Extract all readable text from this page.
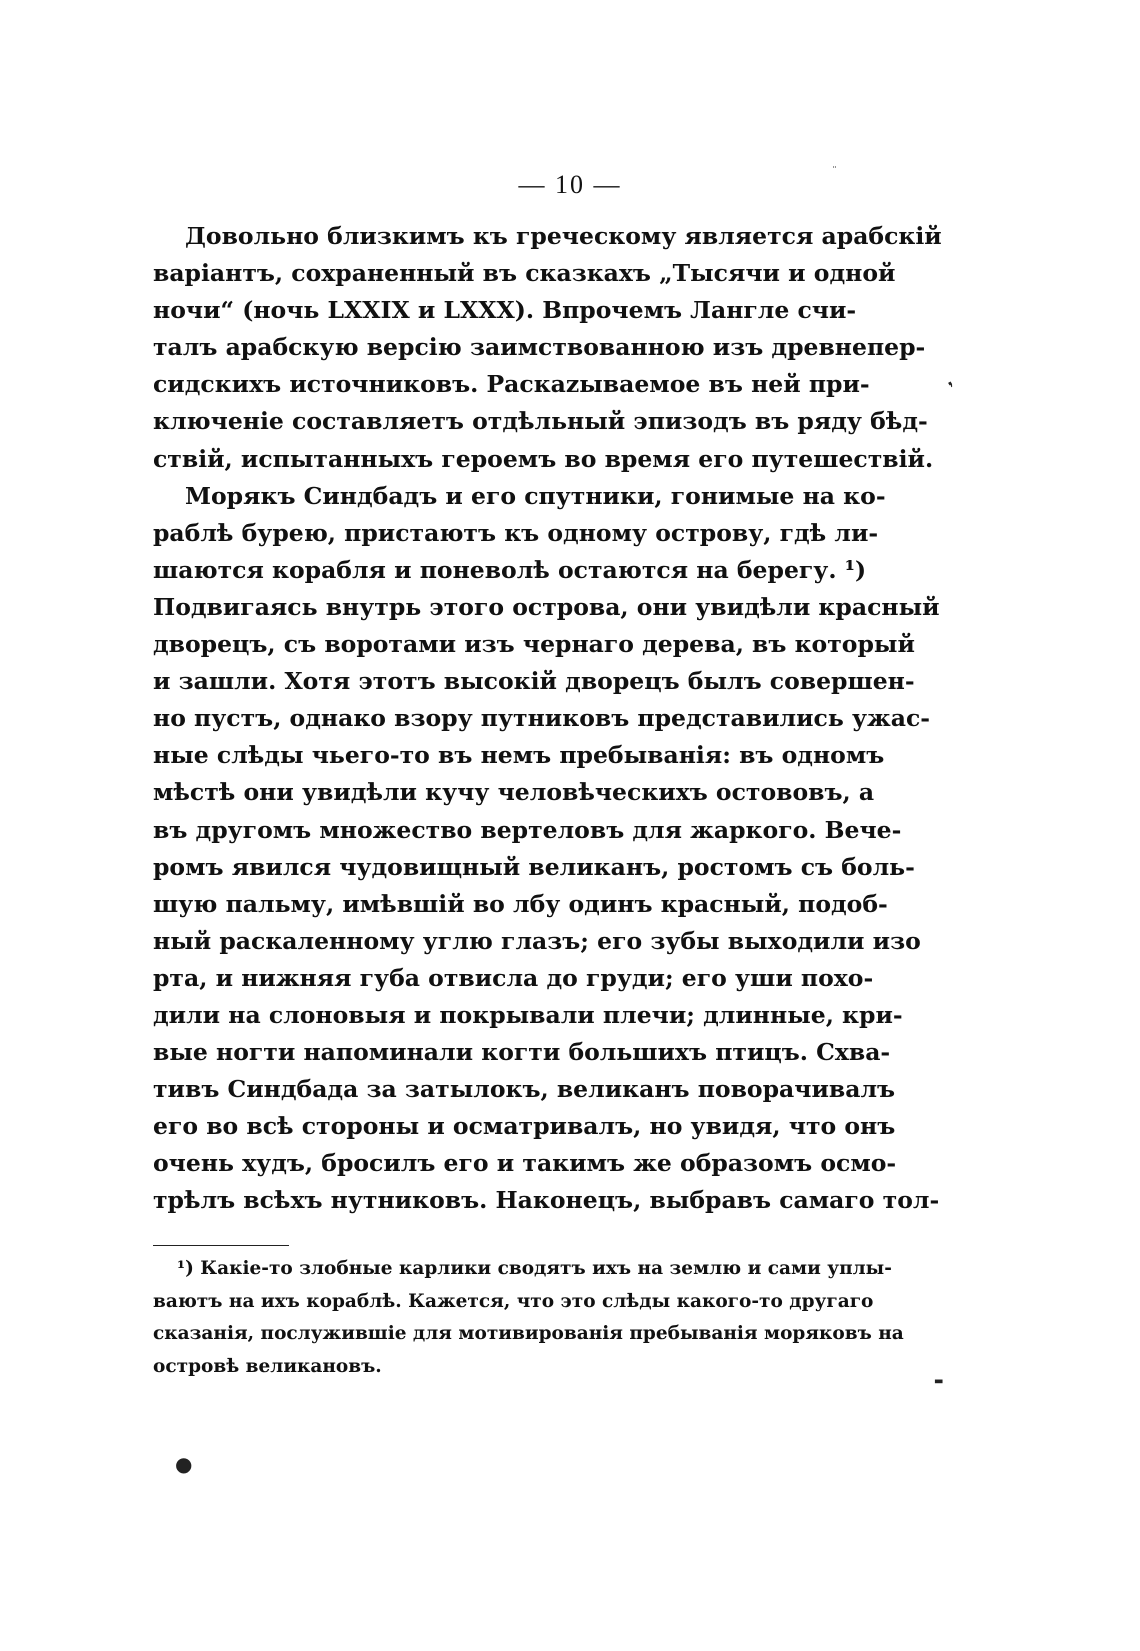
— 10 —
Довольно близкимъ къ греческому является арабскій
варіантъ, сохраненный въ сказкахъ „Тысячи и одной
ночи“ (ночь LXXIX и LXXX). Впрочемъ Лангле счи-
талъ арабскую версію заимствованною изъ древнепер-
сидскихъ источниковъ. Раскazываемое въ ней при-
ключеніе составляетъ отдѣльный эпизодъ въ ряду бѣд-
ствій, испытанныхъ героемъ во время его путешествій.
Морякъ Синдбадъ и его спутники, гонимые на ко-
раблѣ бурею, пристаютъ къ одному острову, гдѣ ли-
шаются корабля и поневолѣ остаются на берегу. ¹)
Подвигаясь внутрь этого острова, они увидѣли красный
дворецъ, съ воротами изъ чернаго дерева, въ который
и зашли. Хотя этотъ высокій дворецъ былъ совершен-
но пустъ, однако взору путниковъ представились ужас-
ные слѣды чьего-то въ немъ пребыванія: въ одномъ
мѣстѣ они увидѣли кучу человѣческихъ остововъ, а
въ другомъ множество вертеловъ для жаркого. Вече-
ромъ явился чудовищный великанъ, ростомъ съ боль-
шую пальму, имѣвшій во лбу одинъ красный, подоб-
ный раскаленному углю глазъ; его зубы выходили изо
рта, и нижняя губа отвисла до груди; его уши похо-
дили на слоновыя и покрывали плечи; длинные, кри-
вые ногти напоминали когти большихъ птицъ. Схва-
тивъ Синдбада за затылокъ, великанъ поворачивалъ
его во всѣ стороны и осматривалъ, но увидя, что онъ
очень худъ, бросилъ его и такимъ же образомъ осмо-
трѣлъ всѣхъ нутниковъ. Наконецъ, выбравъ самаго тол-
¹) Какіе-то злобные карлики сводятъ ихъ на землю и сами уплы-
ваютъ на ихъ кораблѣ. Кажется, что это слѣды какого-то другаго
сказанія, послужившіе для мотивированія пребыванія моряковъ на
островѣ великановъ.
❜
●
¨
▬
